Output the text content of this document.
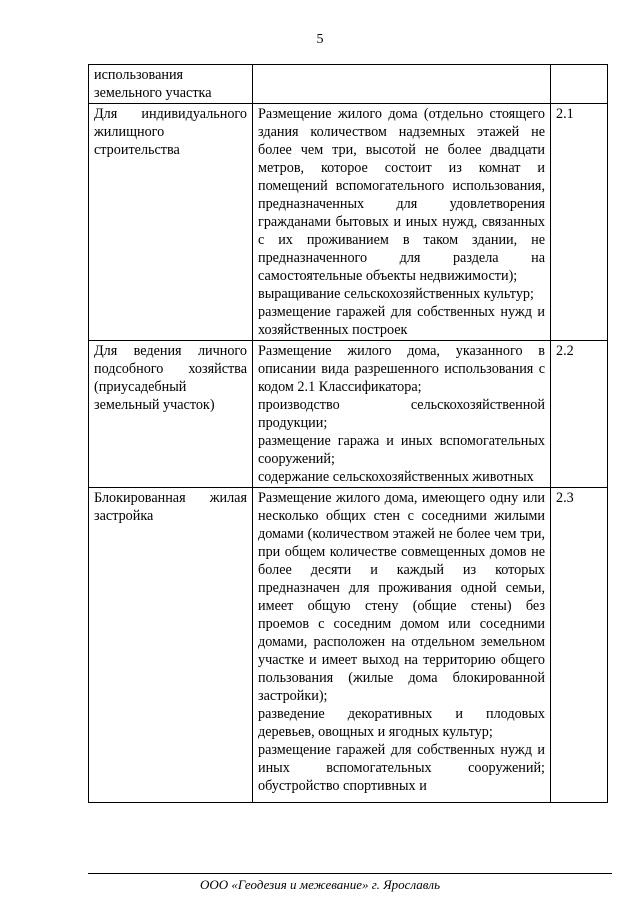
5
использования земельного участка		
Для индивидуального жилищного строительства	Размещение жилого дома (отдельно стоящего здания количеством надземных этажей не более чем три, высотой не более двадцати метров, которое состоит из комнат и помещений вспомогательного использования, предназначенных для удовлетворения гражданами бытовых и иных нужд, связанных с их проживанием в таком здании, не предназначенного для раздела на самостоятельные объекты недвижимости);
выращивание сельскохозяйственных культур;
размещение гаражей для собственных нужд и хозяйственных построек	2.1
Для ведения личного подсобного хозяйства (приусадебный земельный участок)	Размещение жилого дома, указанного в описании вида разрешенного использования с кодом 2.1 Классификатора;
производство сельскохозяйственной продукции;
размещение гаража и иных вспомогательных сооружений;
содержание сельскохозяйственных животных	2.2
Блокированная жилая застройка	Размещение жилого дома, имеющего одну или несколько общих стен с соседними жилыми домами (количеством этажей не более чем три, при общем количестве совмещенных домов не более десяти и каждый из которых предназначен для проживания одной семьи, имеет общую стену (общие стены) без проемов с соседним домом или соседними домами, расположен на отдельном земельном участке и имеет выход на территорию общего пользования (жилые дома блокированной застройки);
разведение декоративных и плодовых деревьев, овощных и ягодных культур;
размещение гаражей для собственных нужд и иных вспомогательных сооружений; обустройство спортивных и	2.3
ООО «Геодезия и межевание» г. Ярославль
